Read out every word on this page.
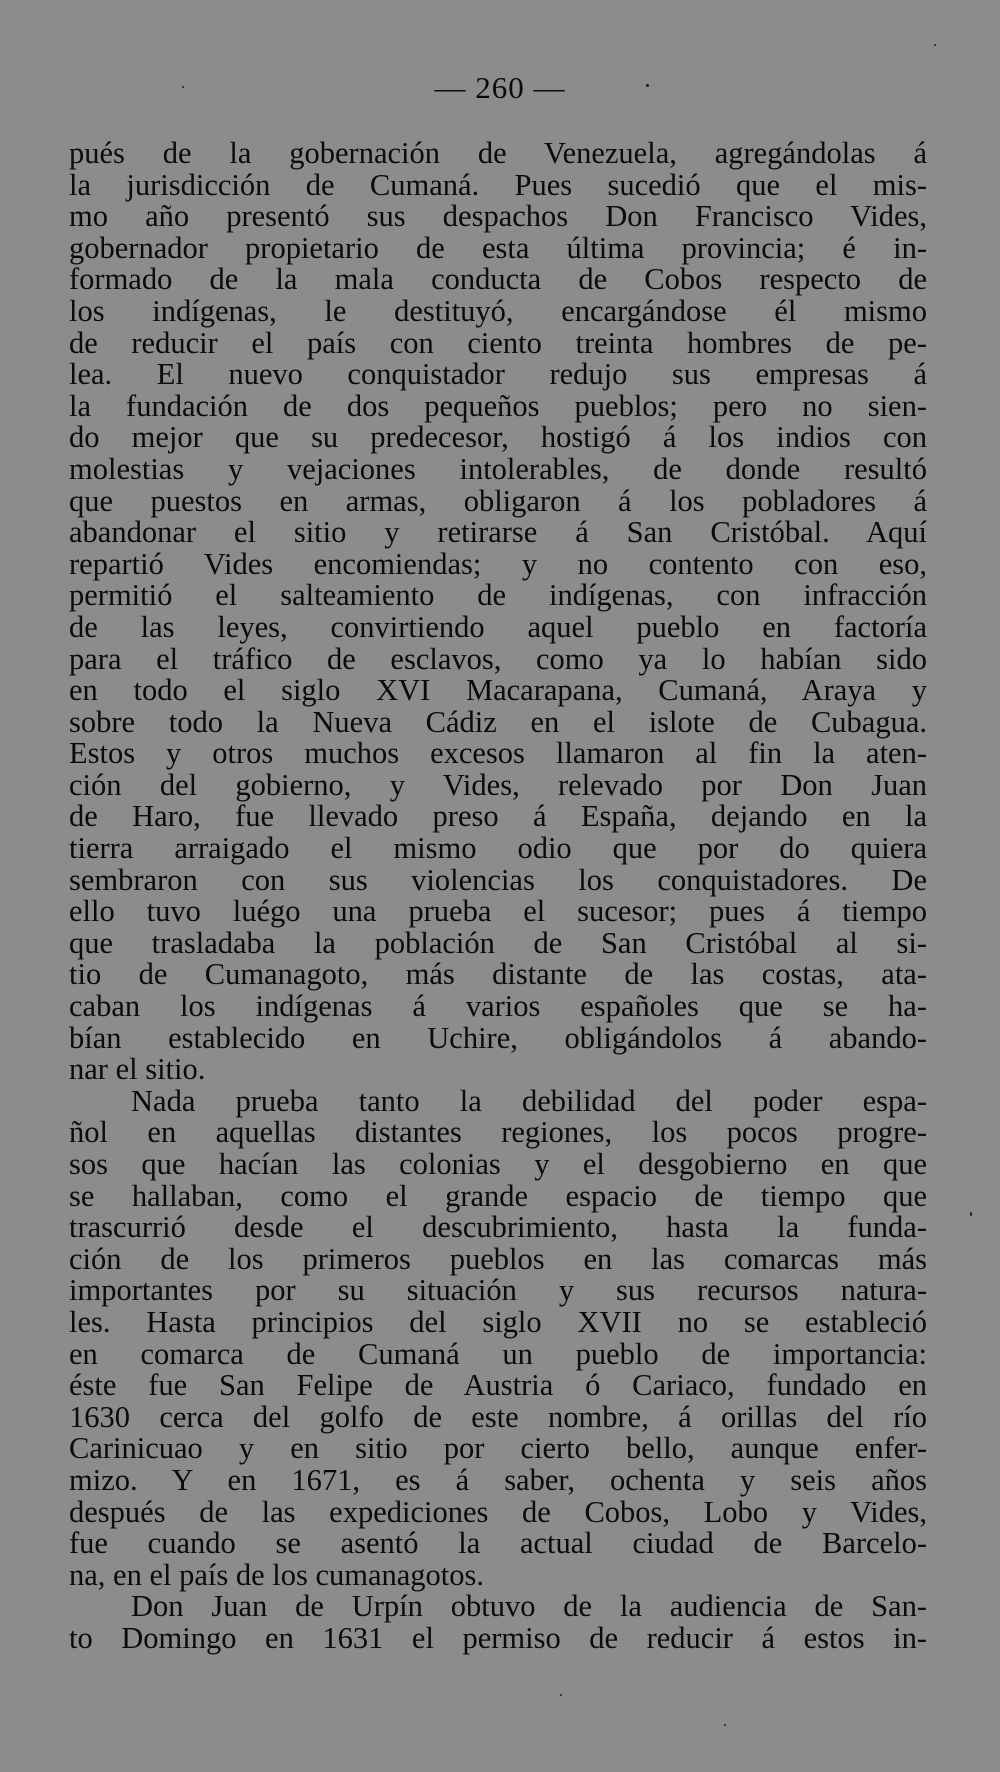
— 260 —
pués de la gobernación de Venezuela, agregándolas á
la jurisdicción de Cumaná. Pues sucedió que el mis-
mo año presentó sus despachos Don Francisco Vides,
gobernador propietario de esta última provincia; é in-
formado de la mala conducta de Cobos respecto de
los indígenas, le destituyó, encargándose él mismo
de reducir el país con ciento treinta hombres de pe-
lea. El nuevo conquistador redujo sus empresas á
la fundación de dos pequeños pueblos; pero no sien-
do mejor que su predecesor, hostigó á los indios con
molestias y vejaciones intolerables, de donde resultó
que puestos en armas, obligaron á los pobladores á
abandonar el sitio y retirarse á San Cristóbal. Aquí
repartió Vides encomiendas; y no contento con eso,
permitió el salteamiento de indígenas, con infracción
de las leyes, convirtiendo aquel pueblo en factoría
para el tráfico de esclavos, como ya lo habían sido
en todo el siglo XVI Macarapana, Cumaná, Araya y
sobre todo la Nueva Cádiz en el islote de Cubagua.
Estos y otros muchos excesos llamaron al fin la aten-
ción del gobierno, y Vides, relevado por Don Juan
de Haro, fue llevado preso á España, dejando en la
tierra arraigado el mismo odio que por do quiera
sembraron con sus violencias los conquistadores. De
ello tuvo luégo una prueba el sucesor; pues á tiempo
que trasladaba la población de San Cristóbal al si-
tio de Cumanagoto, más distante de las costas, ata-
caban los indígenas á varios españoles que se ha-
bían establecido en Uchire, obligándolos á abando-
nar el sitio.
Nada prueba tanto la debilidad del poder espa-
ñol en aquellas distantes regiones, los pocos progre-
sos que hacían las colonias y el desgobierno en que
se hallaban, como el grande espacio de tiempo que
trascurrió desde el descubrimiento, hasta la funda-
ción de los primeros pueblos en las comarcas más
importantes por su situación y sus recursos natura-
les. Hasta principios del siglo XVII no se estableció
en comarca de Cumaná un pueblo de importancia:
éste fue San Felipe de Austria ó Cariaco, fundado en
1630 cerca del golfo de este nombre, á orillas del río
Carinicuao y en sitio por cierto bello, aunque enfer-
mizo. Y en 1671, es á saber, ochenta y seis años
después de las expediciones de Cobos, Lobo y Vides,
fue cuando se asentó la actual ciudad de Barcelo-
na, en el país de los cumanagotos.
Don Juan de Urpín obtuvo de la audiencia de San-
to Domingo en 1631 el permiso de reducir á estos in-
